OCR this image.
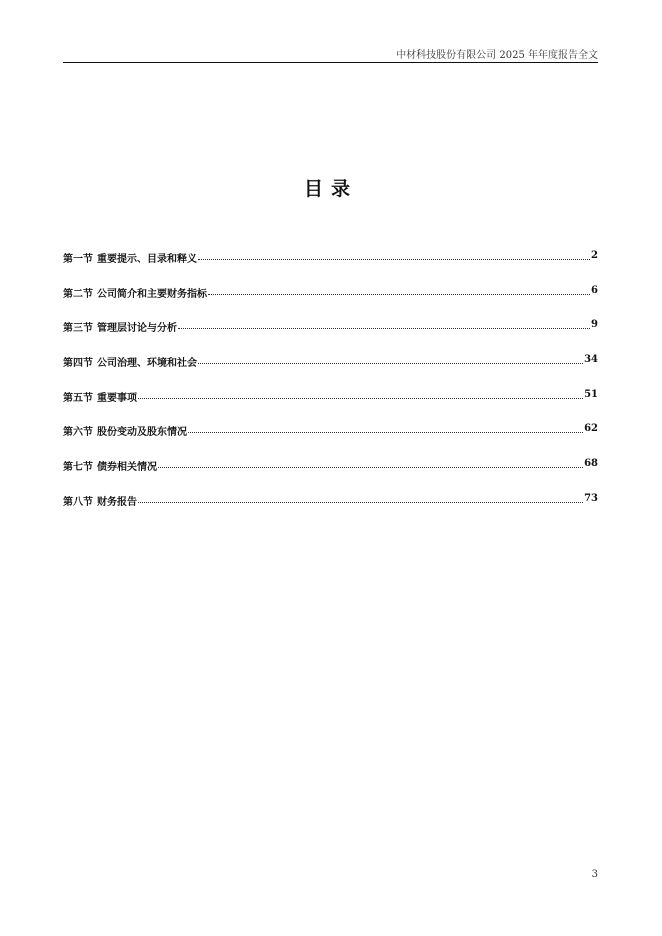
中材科技股份有限公司 2025 年年度报告全文
目录
第一节 重要提示、目录和释义	2
第二节 公司简介和主要财务指标	6
第三节 管理层讨论与分析	9
第四节 公司治理、环境和社会	34
第五节 重要事项	51
第六节 股份变动及股东情况	62
第七节 债券相关情况	68
第八节 财务报告	73
3
